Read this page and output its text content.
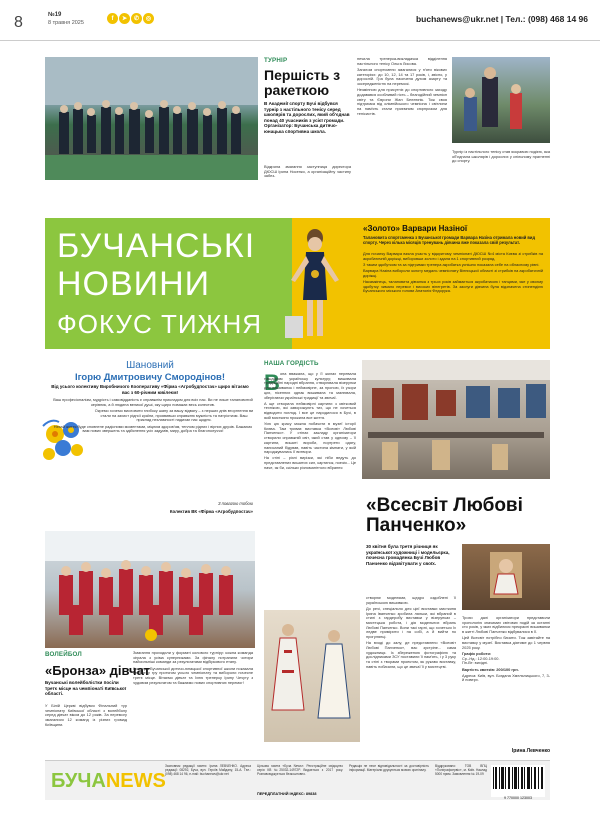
8	№19
8 травня 2025
f	➤	✆	◎	buchanews@ukr.net | Тел.: (098) 468 14 96
ТУРНІР
Першість з ракеткою
В Академії спорту Бучі відбувся турнір з настільного тенісу серед школярів та дорослих, який об'єднав понад 40 учасників з усієї громади. Організатор: Бучанська дитячо-юнацька спортивна школа.
Відкрила змагання заступниця директора ДЮСШ Ірина Носенко, а організаційну частину забез-

печила тренерка-викладачка відділення настільного тенісу Ольга Лисова.

Загалом спортсмени змагалися у п'яти вікових категоріях: до 10, 12, 14 та 17 років, і, звісно, у дорослій. Гра була насичена духом азарту та зосередженістю на перемозі.

Незмінною для присутніх до спортивного заходу додавався особливий гість – благодійний чемпіон світу та Європи Жан Белеюнік. Тож своя підтримка від олімпійського чемпіона і світлини на пам'ять стали приємним сюрпризом для тенісистів.

Турнір із настільного тенісу став яскравою подією, яка об'єднала школярів і дорослих у спільному прагненні до спорту.
БУЧАНСЬКІ
НОВИНИ
ФОКУС ТИЖНЯ
«Золото» Варвари Назіної
Талановита спортсменка з Бучанської громади Варвара Назіна отримала новий вид спорту. Через кілька місяців тренувань дівчина вже показала свій результат.

Для початку Варвара взяла участь у відкритому чемпіонаті ДЮСШ №4 міста Києва зі стрибків на акробатичній доріжці, виборовши золото і здала на 1 спортивний розряд.

З таким здобутком та за підтримки тренера акробатка успішно показала себе на обласному рівні.

Варвара Назіна вибороли золоту медаль чемпіонату Вінницької області зі стрибків на акробатичній доріжці.

Насамкінець, талановита дівчинка з трьох років займається акробатикою і танцями, яке у своєму здобутку чимало перемог і високих вінегретів. За заслуги дівчина була відзначена стипендією Бучанського міського голови Анатолія Федорука.

Шановний
Ігорю Дмитровичу Смородінов!
Від усього колективу Виробничого Кооперативу «Фірма «Агробудпостач» щиро вітаємо вас з 60-річним ювілеєм!

Ваш професіоналізм, мудрість і самовідданість є справжнім прикладом для всіх нас. Ви не лише талановитий керівник, а й людина великої душі, яку щиро поважає весь колектив.

Окремо хочемо висловити глибоку шану за вашу відвагу – з перших днів вторгнення ви стали на захист рідної країни, проявивши справжню мужність та патріотизм. Ваш приклад незламності надихає нас щодня.

Нехай життя буде сповнене радісними моментами, міцним здоров'ям, теплом рідних і вірних друзів. Бажаємо вам нових звершень та здійснення усіх задумів, миру, добра та благополуччя!

З повагою тобою
Колектив ВК «Фірма «Агробудпостач»
ВОЛЕЙБОЛ
«Бронза» дівчат
Бучанські волейболістки посіли третє місце на чемпіонаті Київської області.
У Білій Церкві відбувся Фінальний тур чемпіонату Київської області з волейболу серед дівчат віком до 12 років. За перемогу змагалися 12 команд із різних громад Київщини.

Змагання проходили у форматі колового турніру: кожна команда зіграла з усіма суперниками. За фіналу потрапили чотири найсильніші команди за результатами відбіркового етапу.

Команда Бучанської дитячо-юнацької спортивної школи показала впевнену гру протягом усього чемпіонату та вибороли почесне третє місце. Вітаємо дівчат та їхню тренерку Ірину Чечуту з чудовим результатом та бажаємо нових спортивних перемог!

НАША ГОРДІСТЬ
В она вважала, що у її жилах перевала нащадкам українську культуру; вишивала традиційні народні вбрання, створювала візерунки для вишиванок і неймовірне, за пропою, їх узори цих, пісенних однак вишивала та малювала, зберігаючи українські традиції та звичаї.

А ще створила неймовірні картини з квітковий технікою, які заворожують тих, що не хочеться відводити погляд. І все це народилося в Бучі, в якій мисткиня прожила все життя.

Усю цю красу можна побачити в музеї історії Києва. Там триває виставка «Всесвіт Любові Панченко». У стінах закладу організатори створили справжній світ, який став у одному – її картини, вишиті вироби, портрети одягу, написаний бідував, навіть частина кімнати, у якій народжувались її витвори.

На стіні – різні вирізки, які ніби ведуть до представлених вишитих сил, картинок, поезія... Це наче, як би, скільки різноманітного вбрання

«Всесвіт Любові Панченко»
30 квітня була третя річниця як української художниці і модельєрка, почесна громадянка Бучі Любов Панченко відзвітувати у своїх.

створює моделями, щедро оздоблені її українською вишивкою.

До речі, спеціально для цієї виставки мисткиня Ірина Іванченко зробила ляльки, які вбраний в стилі з гардеробу виставки у візерунках – мистецька робота, і дія модельних вбрань Любові Панченко. Вони такі гарні, що хочеться їх ледве примірити і на собі, а й вийти по прогулянці.

На вході до залу, де представлено «Всесвіт Любові Панченко», вас зустріне... сама художниця. Із збереженою фотографією та дослідниками ЗСУ поставили її пам'ять, і у 3 руку та стіні з творами проектом, як рукаво виставку, навіть побачили, що це звичаї її у мистецтві.

Трохи далі організатори представили хронологію значимих світових подій за останні сто років, у яких відбилися прекрасні вишиванки в житті Любові Панченко відбувалися в її.

Цей Всесвіт потрібно бачити. Тож завітайте на виставку у музеї. Виставка діятиме до 1 червня 2025 року.

Графік роботи:

Ср.-Нд.: 12:00-19:00.

Пн-Вт: вихідні.

Вартість квитків: 200/100 грн.

Адреса: Київ, вул. Богдана Хмельницького, 7, 3-й поверх.

Ірина Левченко
БУЧА NEWS
Засновник редакції газети: Ірина ЛЕВЧЕНКО. Адреса редакції: 08292, Буча, вул. Героїв Майдану, 15-А. Тел.: (098) 468 14 96, e-mail: buchanews@ukr.net
Цільова газета «Буча News». Реєстраційне свідоцтво серія КВ №25032-14972Р. Видається з 2017 року. Розповсюджується безкоштовно.
ПЕРЕДПЛАТНИЙ ІНДЕКС: 89838
Редакція не несе відповідальності за достовірність інформації. Матеріали друкуються мовою оригіналу.
Віддруковано: ТОВ ВПЦ «Поліграфсервіс», м. Київ. Наклад 5000 прим. Замовлення № 19-09
9 770000 123003
